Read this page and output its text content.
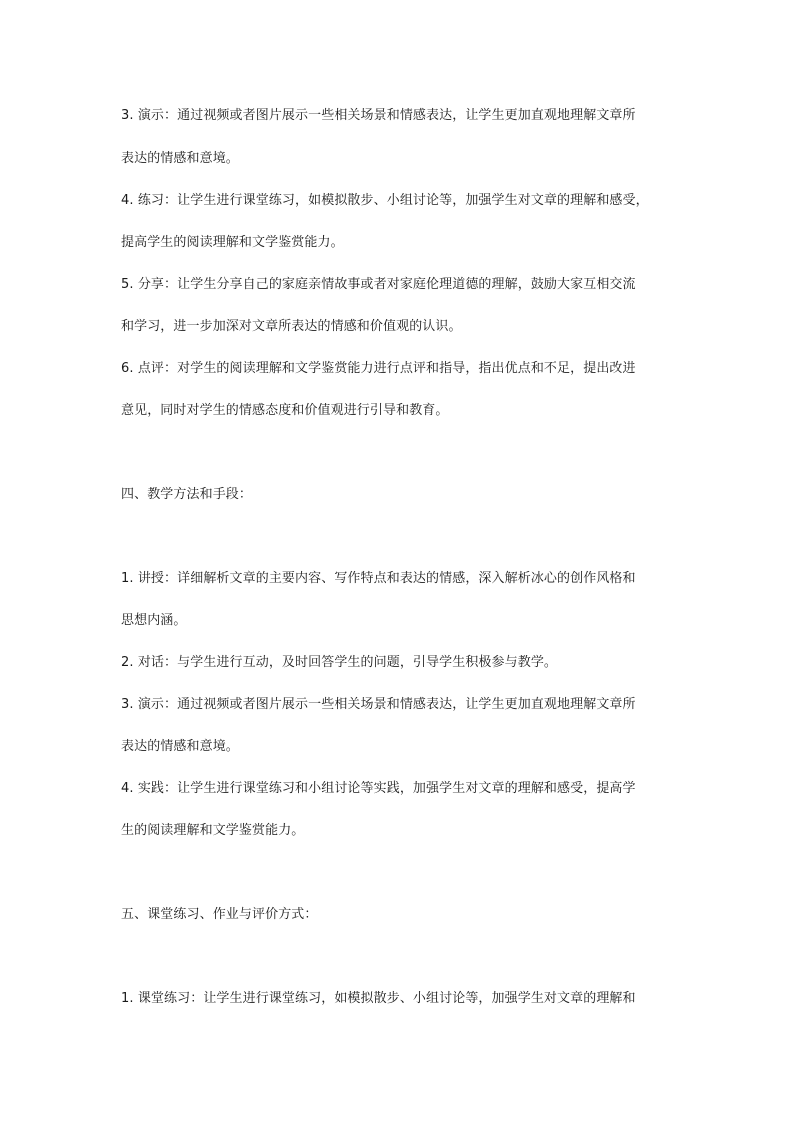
3. 演示：通过视频或者图片展示一些相关场景和情感表达，让学生更加直观地理解文章所
表达的情感和意境。
4. 练习：让学生进行课堂练习，如模拟散步、小组讨论等，加强学生对文章的理解和感受，
提高学生的阅读理解和文学鉴赏能力。
5. 分享：让学生分享自己的家庭亲情故事或者对家庭伦理道德的理解，鼓励大家互相交流
和学习，进一步加深对文章所表达的情感和价值观的认识。
6. 点评：对学生的阅读理解和文学鉴赏能力进行点评和指导，指出优点和不足，提出改进
意见，同时对学生的情感态度和价值观进行引导和教育。
四、教学方法和手段：
1. 讲授：详细解析文章的主要内容、写作特点和表达的情感，深入解析冰心的创作风格和
思想内涵。
2. 对话：与学生进行互动，及时回答学生的问题，引导学生积极参与教学。
3. 演示：通过视频或者图片展示一些相关场景和情感表达，让学生更加直观地理解文章所
表达的情感和意境。
4. 实践：让学生进行课堂练习和小组讨论等实践，加强学生对文章的理解和感受，提高学
生的阅读理解和文学鉴赏能力。
五、课堂练习、作业与评价方式：
1. 课堂练习：让学生进行课堂练习，如模拟散步、小组讨论等，加强学生对文章的理解和
